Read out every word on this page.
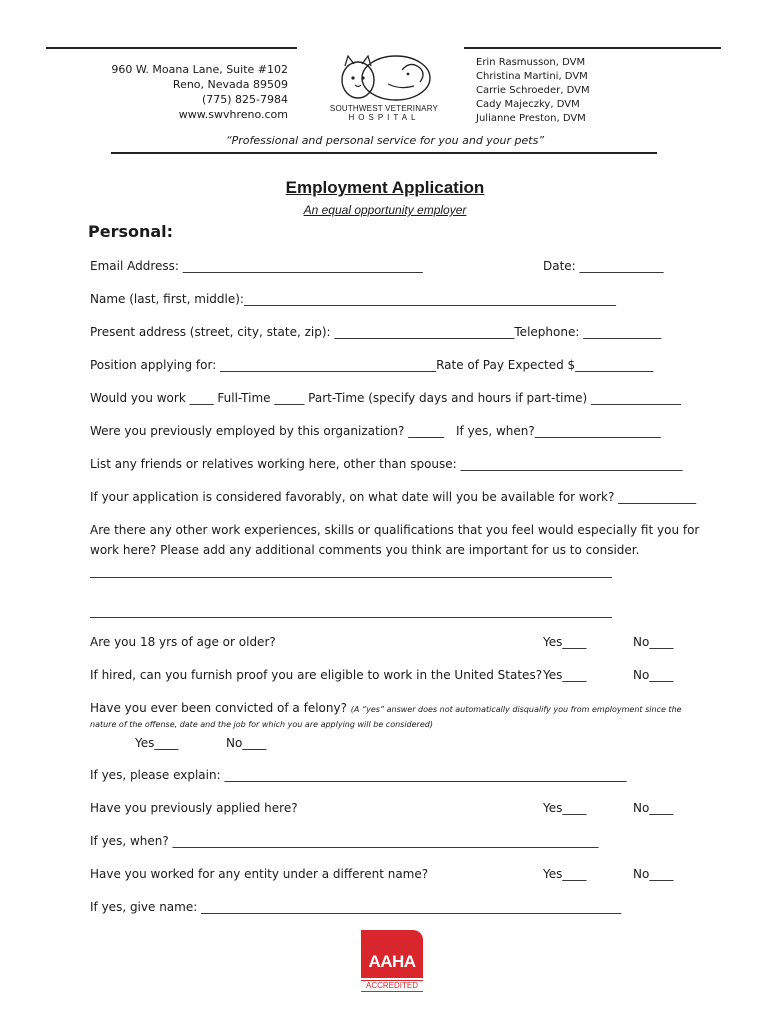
960 W. Moana Lane, Suite #102
Reno, Nevada 89509
(775) 825-7984
www.swvhreno.com	SOUTHWEST VETERINARY
HOSPITAL
Erin Rasmusson, DVM
Christina Martini, DVM
Carrie Schroeder, DVM
Cady Majeczky, DVM
Julianne Preston, DVM
“Professional and personal service for you and your pets”
Employment Application
An equal opportunity employer
Personal:
Email Address: ________________________________________	Date: ______________
Name (last, first, middle):______________________________________________________________
Present address (street, city, state, zip): ______________________________Telephone: _____________
Position applying for: ____________________________________Rate of Pay Expected $_____________
Would you work ____ Full-Time _____ Part-Time (specify days and hours if part-time) _______________
Were you previously employed by this organization? ______ If yes, when?_____________________
List any friends or relatives working here, other than spouse: _____________________________________
If your application is considered favorably, on what date will you be available for work? _____________
Are there any other work experiences, skills or qualifications that you feel would especially fit you for
work here? Please add any additional comments you think are important for us to consider.
_______________________________________________________________________________________
_______________________________________________________________________________________
Are you 18 yrs of age or older?	Yes____	No____
If hired, can you furnish proof you are eligible to work in the United States? Yes____	No____
Have you ever been convicted of a felony? (A “yes” answer does not automatically disqualify you from employment since the
nature of the offense, date and the job for which you are applying will be considered)
Yes____	No____
If yes, please explain: ___________________________________________________________________
Have you previously applied here?	Yes____	No____
If yes, when? _______________________________________________________________________
Have you worked for any entity under a different name?	Yes____	No____
If yes, give name: ______________________________________________________________________
AAHA
ACCREDITED
